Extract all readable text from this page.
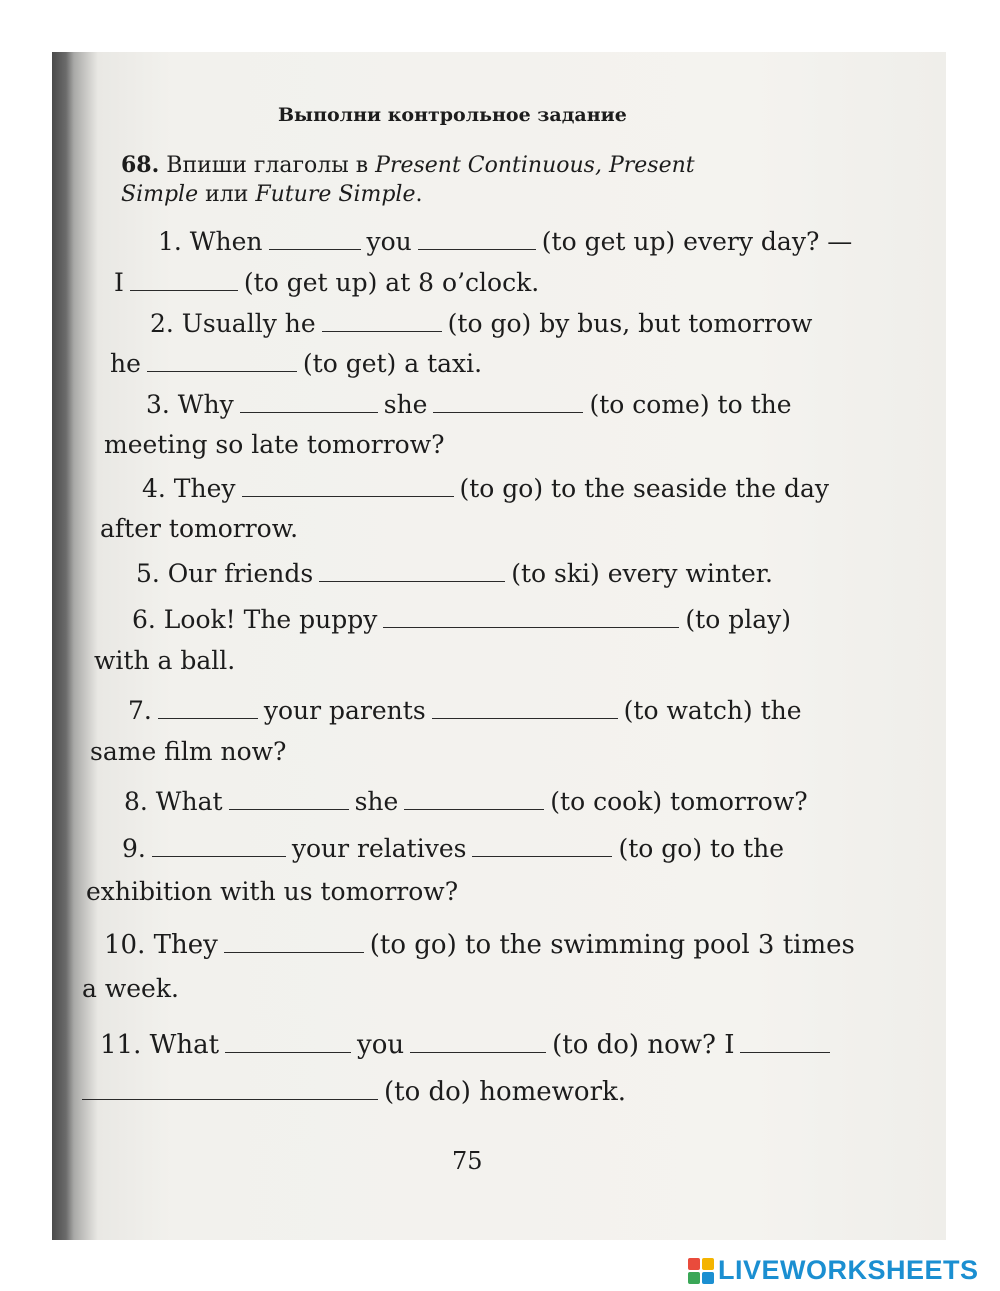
Выполни контрольное задание
68. Впиши глаголы в Present Continuous, Present
Simple или Future Simple.
1. When	you	(to get up) every day? —
I	(to get up) at 8 o’clock.
2. Usually he	(to go) by bus, but tomorrow
he	(to get) a taxi.
3. Why	she	(to come) to the
meeting so late tomorrow?
4. They	(to go) to the seaside the day
after tomorrow.
5. Our friends	(to ski) every winter.
6. Look! The puppy	(to play)
with a ball.
7.	your parents	(to watch) the
same film now?
8. What	she	(to cook) tomorrow?
9.	your relatives	(to go) to the
exhibition with us tomorrow?
10. They	(to go) to the swimming pool 3 times
a week.
11. What	you	(to do) now? I
(to do) homework.
75
LIVEWORKSHEETS
